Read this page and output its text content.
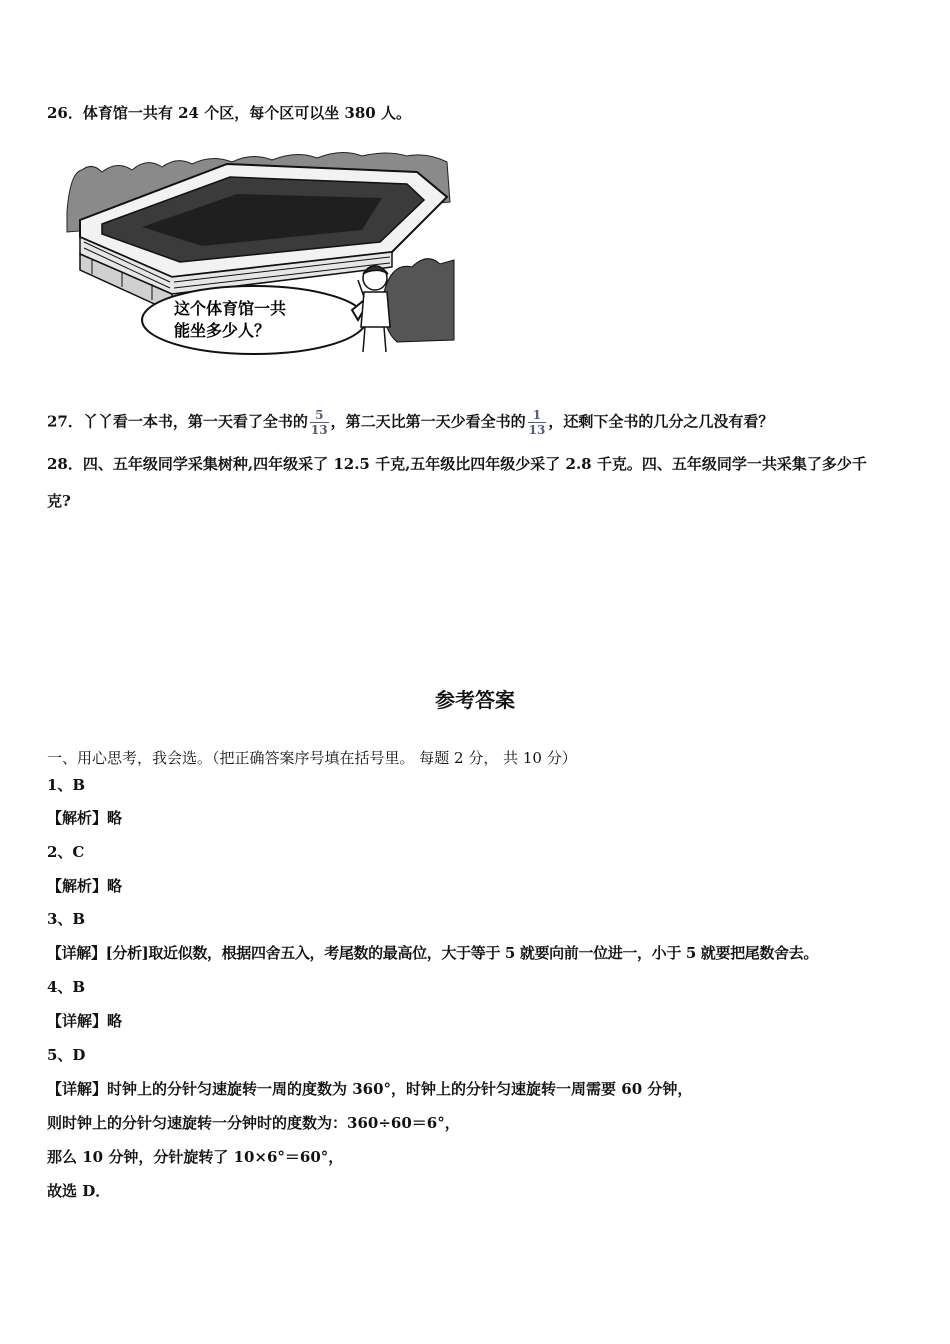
26．体育馆一共有 24 个区，每个区可以坐 380 人。
这个体育馆一共
能坐多少人？
27．丫丫看一本书，第一天看了全书的 $\frac{5}{13}$ ，第二天比第一天少看全书的 $\frac{1}{13}$ ，还剩下全书的几分之几没有看？
28．四、五年级同学采集树种,四年级采了 12.5 千克,五年级比四年级少采了 2.8 千克。四、五年级同学一共采集了多少千
克?
参考答案
一、用心思考，我会选。（把正确答案序号填在括号里。 每题 2 分， 共 10 分）
1、B
【解析】略
2、C
【解析】略
3、B
【详解】[分析]取近似数，根据四舍五入，考尾数的最高位，大于等于 5 就要向前一位进一，小于 5 就要把尾数舍去。
4、B
【详解】略
5、D
【详解】时钟上的分针匀速旋转一周的度数为 360°，时钟上的分针匀速旋转一周需要 60 分钟，
则时钟上的分针匀速旋转一分钟时的度数为：360÷60＝6°，
那么 10 分钟，分针旋转了 10×6°＝60°，
故选 D．
